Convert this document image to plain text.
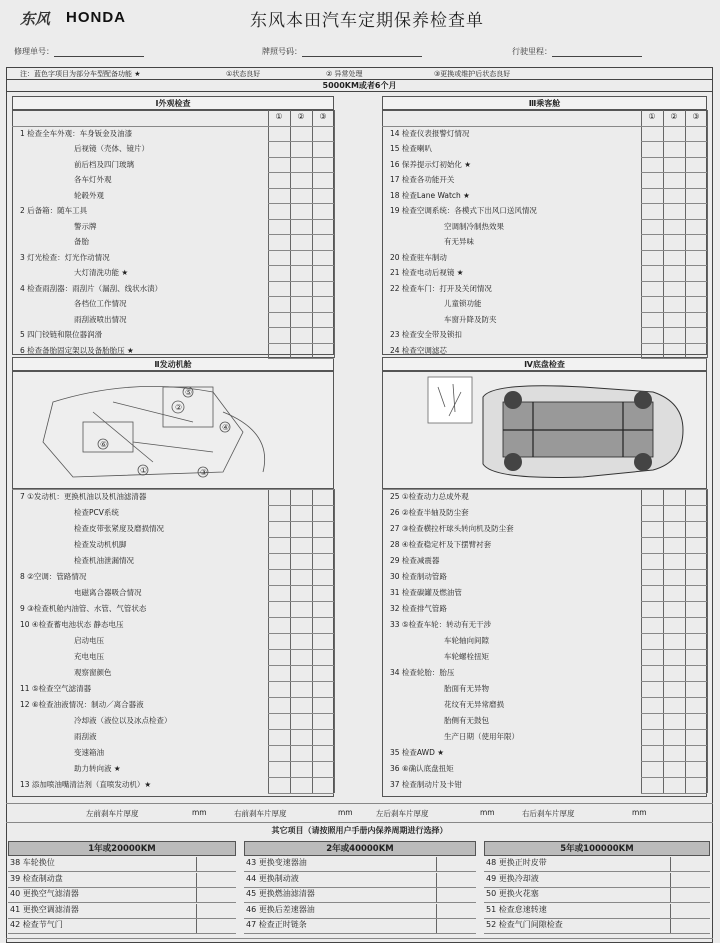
东风 HONDA	东风本田汽车定期保养检查单
修理单号：	牌照号码：	行驶里程：
注：蓝色字项目为部分车型配备功能 ★	①状态良好	② 异常处理	③更换或维护后状态良好
5000KM或者6个月
Ⅰ外观检查	Ⅲ乘客舱
Ⅱ发动机舱	Ⅳ底盘检查
②
⑤
⑥
①	③
④
左前刹车片厚度	mm	右前刹车片厚度	mm	左后刹车片厚度	mm	右后刹车片厚度	mm
其它项目（请按照用户手册内保养周期进行选择）
①	②	③
1 检查全车外观：车身钣金及油漆
后视镜（壳体、镜片）
前后档及四门玻璃
各车灯外观
轮毂外观
2 后备箱：随车工具
警示牌
备胎
3 灯光检查：灯光作动情况
大灯清洗功能 ★
4 检查雨刮器：雨刮片（漏刮、线状水渍）
各档位工作情况
雨刮液喷出情况
5 四门铰链和限位器润滑
6 检查备胎固定架以及备胎胎压 ★
①	②	③
14 检查仪表报警灯情况
15 检查喇叭
16 保养提示灯初始化 ★
17 检查各功能开关
18 检查Lane Watch ★
19 检查空调系统：各模式下出风口送风情况
空调制冷制热效果
有无异味
20 检查驻车制动
21 检查电动后视镜 ★
22 检查车门：打开及关闭情况
儿童锁功能
车窗升降及防夹
23 检查安全带及锁扣
24 检查空调滤芯
7 ①发动机：更换机油以及机油滤清器
检查PCV系统
检查皮带张紧度及磨损情况
检查发动机机脚
检查机油泄漏情况
8 ②空调：管路情况
电磁离合器吸合情况
9 ③检查机舱内油管、水管、气管状态
10 ④检查蓄电池状态 静态电压
启动电压
充电电压
观察窗颜色
11 ⑤检查空气滤清器
12 ⑥检查油液情况：制动／离合器液
冷却液（液位以及冰点检查）
雨刮液
变速箱油
助力转向液 ★
13 添加喷油嘴清洁剂（直喷发动机）★
25 ①检查动力总成外观
26 ②检查半轴及防尘套
27 ③检查横拉杆球头转向机及防尘套
28 ④检查稳定杆及下摆臂衬套
29 检查减震器
30 检查制动管路
31 检查碳罐及燃油管
32 检查排气管路
33 ⑤检查车轮：转动有无干涉
车轮轴向间隙
车轮螺栓扭矩
34 检查轮胎：胎压
胎面有无异物
花纹有无异常磨损
胎侧有无鼓包
生产日期（使用年限）
35 检查AWD ★
36 ⑥确认底盘扭矩
37 检查制动片及卡钳
1年或20000KM
38 车轮换位
39 检查制动盘
40 更换空气滤清器
41 更换空调滤清器
42 检查节气门
2年或40000KM
43 更换变速器油
44 更换制动液
45 更换燃油滤清器
46 更换后差速器油
47 检查正时链条
5年或100000KM
48 更换正时皮带
49 更换冷却液
50 更换火花塞
51 检查怠速转速
52 检查气门间隙检查
